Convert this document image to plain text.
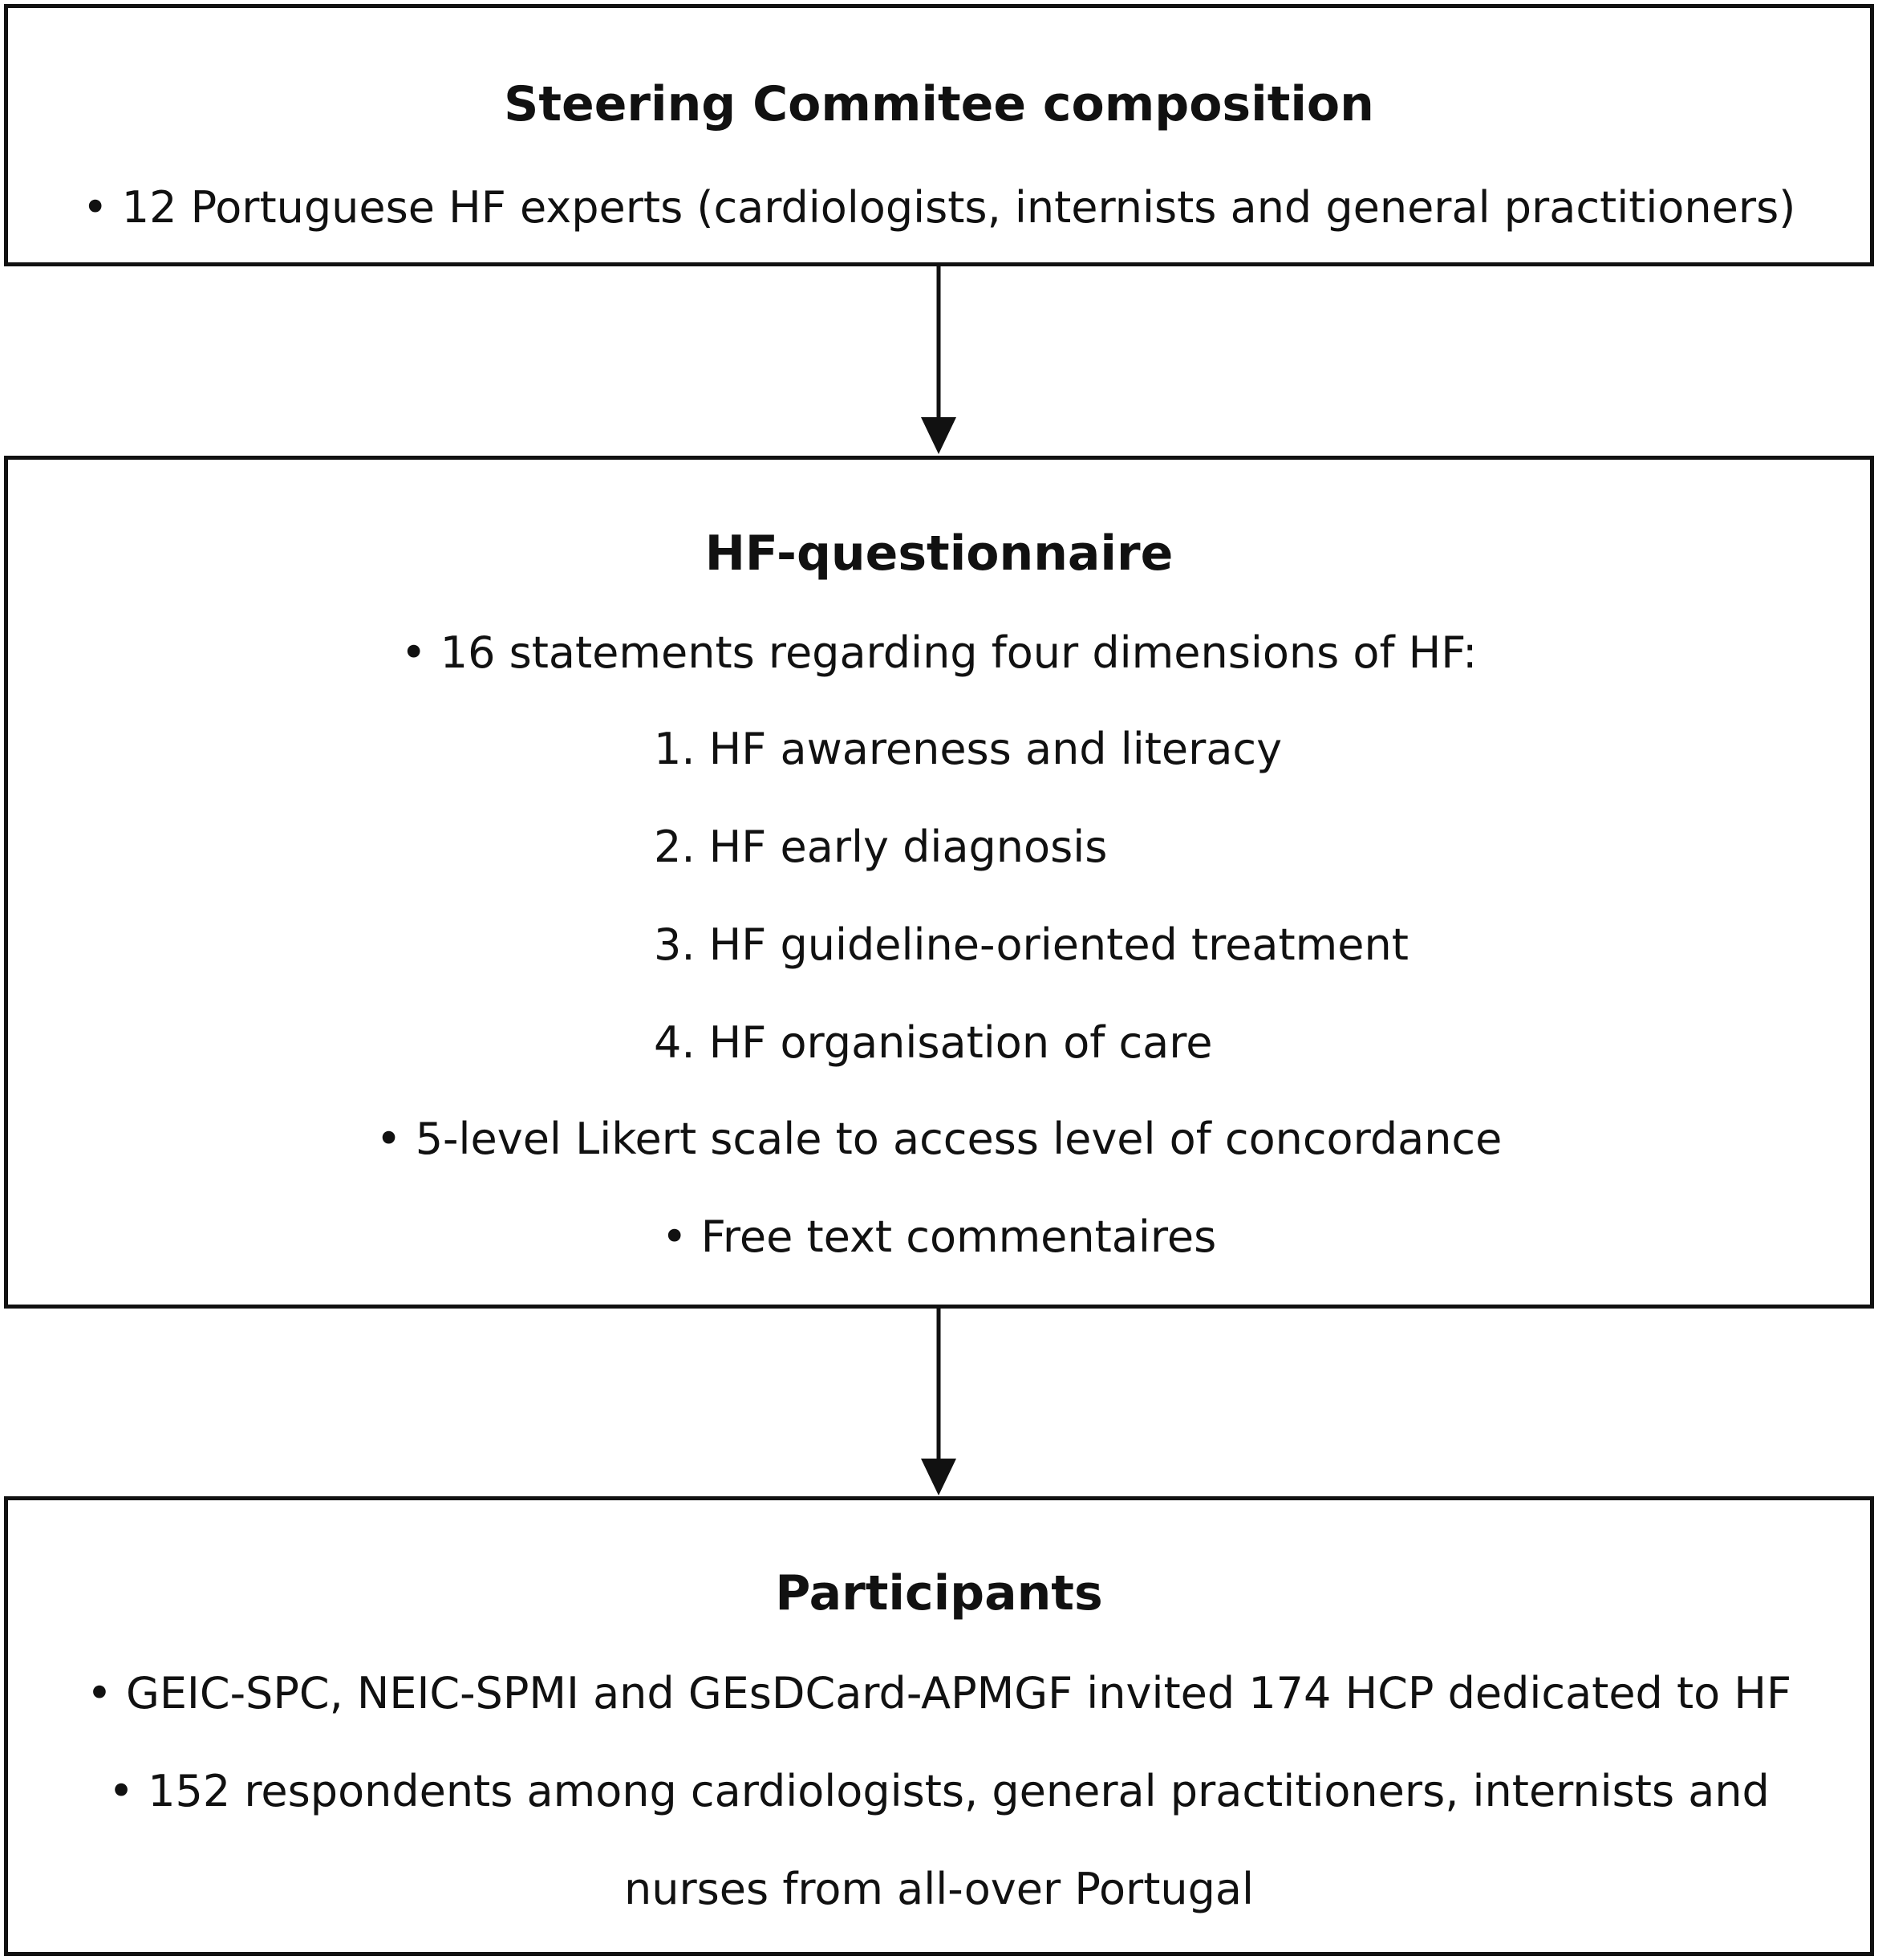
Steering Commitee composition
• 12 Portuguese HF experts (cardiologists, internists and general practitioners)
HF-questionnaire
• 16 statements regarding four dimensions of HF:
1. HF awareness and literacy
2. HF early diagnosis
3. HF guideline-oriented treatment
4. HF organisation of care
• 5-level Likert scale to access level of concordance
• Free text commentaires
Participants
• GEIC-SPC, NEIC-SPMI and GEsDCard-APMGF invited 174 HCP dedicated to HF
• 152 respondents among cardiologists, general practitioners, internists and
nurses from all-over Portugal
